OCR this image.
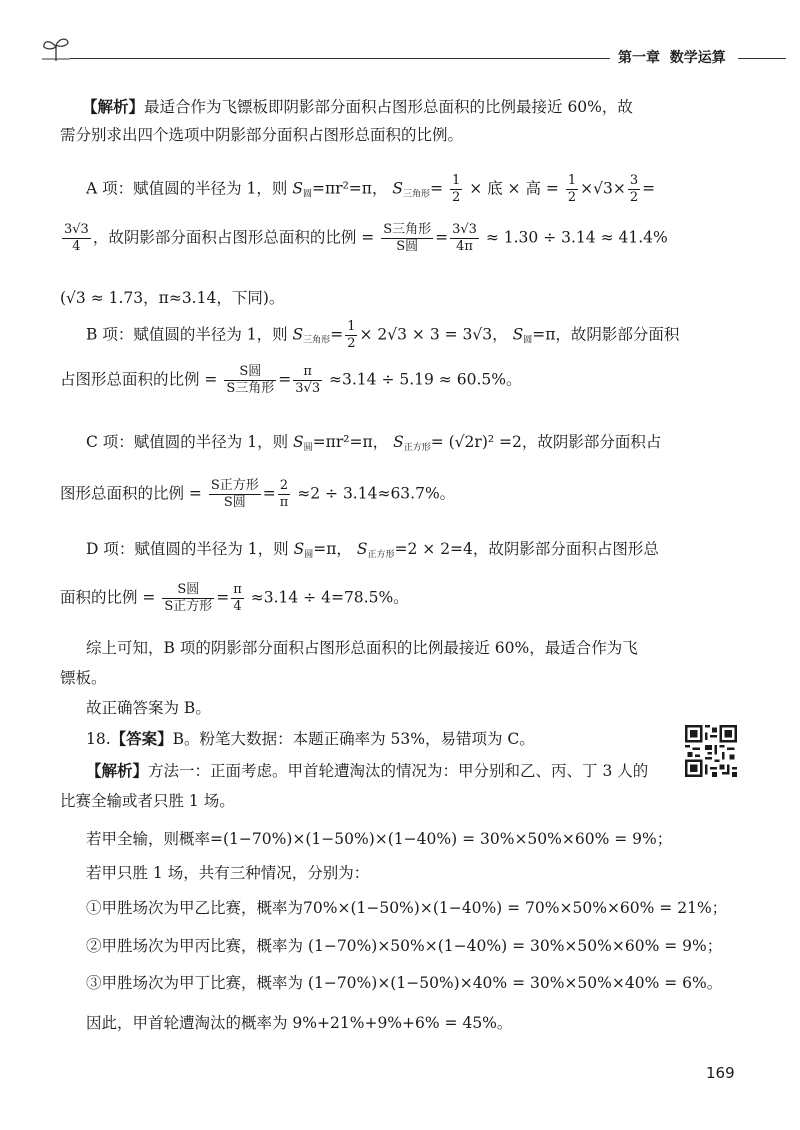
第一章 数学运算
【解析】最适合作为飞镖板即阴影部分面积占图形总面积的比例最接近 60%，故
需分别求出四个选项中阴影部分面积占图形总面积的比例。
A 项：赋值圆的半径为 1，则 $S_圆=\pi r^2=\pi$， $S_{三角形}= \frac{1}{2}$ × 底 × 高 = $\frac{1}{2} \times√3\times \frac{3}{2}$ =
$\frac{3√3}{4}$ ，故阴影部分面积占图形总面积的比例 = $\frac{\text{S三角形}}{\text{S圆}} = \frac{3√3}{4\pi} \approx 1.30 \div 3.14 \approx 41.4\%$
(√3 ≈ 1.73，π≈3.14，下同)。
B 项：赋值圆的半径为 1，则 $S_{三角形}= \frac{1}{2} \times 2√3 \times 3 = 3√3$， $S_圆=\pi$，故阴影部分面积
占图形总面积的比例 = $\frac{\text{S圆}}{\text{S三角形}} = \frac{\pi}{3√3} \approx 3.14 \div 5.19 \approx 60.5\%$。
C 项：赋值圆的半径为 1，则 $S_圆=\pi r^2=\pi$， $S_{正方形}= (√2r)^2 =2$，故阴影部分面积占
图形总面积的比例 = $\frac{\text{S正方形}}{\text{S圆}} = \frac{2}{\pi} \approx 2 \div 3.14\approx 63.7\%$。
D 项：赋值圆的半径为 1，则 $S_圆=\pi$， $S_{正方形}=2 \times 2=4$，故阴影部分面积占图形总
面积的比例 = $\frac{\text{S圆}}{\text{S正方形}} = \frac{\pi}{4} \approx 3.14 \div 4=78.5\%$。
综上可知，B 项的阴影部分面积占图形总面积的比例最接近 60%，最适合作为飞
镖板。
故正确答案为 B。
18.【答案】B。粉笔大数据：本题正确率为 53%，易错项为 C。
【解析】方法一：正面考虑。甲首轮遭淘汰的情况为：甲分别和乙、丙、丁 3 人的
比赛全输或者只胜 1 场。
若甲全输，则概率=(1−70%)×(1−50%)×(1−40%) = 30%×50%×60% = 9%；
若甲只胜 1 场，共有三种情况，分别为：
①甲胜场次为甲乙比赛，概率为70%×(1−50%)×(1−40%) = 70%×50%×60% = 21%；
②甲胜场次为甲丙比赛，概率为 (1−70%)×50%×(1−40%) = 30%×50%×60% = 9%；
③甲胜场次为甲丁比赛，概率为 (1−70%)×(1−50%)×40% = 30%×50%×40% = 6%。
因此，甲首轮遭淘汰的概率为 9%+21%+9%+6% = 45%。
169
